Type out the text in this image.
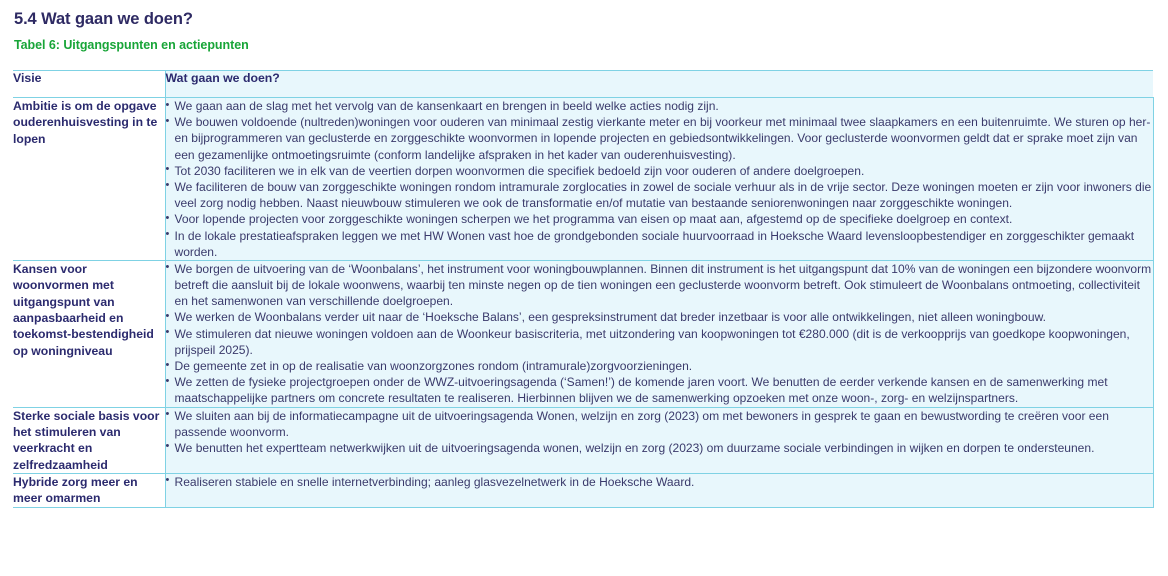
5.4 Wat gaan we doen?
Tabel 6: Uitgangspunten en actiepunten
Visie	Wat gaan we doen?
Ambitie is om de opgave ouderenhuisvesting in te lopen	
• We gaan aan de slag met het vervolg van de kansenkaart en brengen in beeld welke acties nodig zijn.
• We bouwen voldoende (nultreden)woningen voor ouderen van minimaal zestig vierkante meter en bij voorkeur met minimaal twee slaapkamers en een buitenruimte. We sturen op her- en bijprogrammeren van geclusterde en zorggeschikte woonvormen in lopende projecten en gebiedsontwikkelingen. Voor geclusterde woonvormen geldt dat er sprake moet zijn van een gezamenlijke ontmoetingsruimte (conform landelijke afspraken in het kader van ouderenhuisvesting).
• Tot 2030 faciliteren we in elk van de veertien dorpen woonvormen die specifiek bedoeld zijn voor ouderen of andere doelgroepen.
• We faciliteren de bouw van zorggeschikte woningen rondom intramurale zorglocaties in zowel de sociale verhuur als in de vrije sector. Deze woningen moeten er zijn voor inwoners die veel zorg nodig hebben. Naast nieuwbouw stimuleren we ook de transformatie en/of mutatie van bestaande seniorenwoningen naar zorggeschikte woningen.
• Voor lopende projecten voor zorggeschikte woningen scherpen we het programma van eisen op maat aan, afgestemd op de specifieke doelgroep en context.
• In de lokale prestatieafspraken leggen we met HW Wonen vast hoe de grondgebonden sociale huurvoorraad in Hoeksche Waard levensloopbestendiger en zorggeschikter gemaakt worden.

Kansen voor woonvormen met uitgangspunt van aanpasbaarheid en toekomst-bestendigheid op woningniveau	
• We borgen de uitvoering van de ‘Woonbalans’, het instrument voor woningbouwplannen. Binnen dit instrument is het uitgangspunt dat 10% van de woningen een bijzondere woonvorm betreft die aansluit bij de lokale woonwens, waarbij ten minste negen op de tien woningen een geclusterde woonvorm betreft. Ook stimuleert de Woonbalans ontmoeting, collectiviteit en het samenwonen van verschillende doelgroepen.
• We werken de Woonbalans verder uit naar de ‘Hoeksche Balans’, een gespreksinstrument dat breder inzetbaar is voor alle ontwikkelingen, niet alleen woningbouw.
• We stimuleren dat nieuwe woningen voldoen aan de Woonkeur basiscriteria, met uitzondering van koopwoningen tot €280.000 (dit is de verkoopprijs van goedkope koopwoningen, prijspeil 2025).
• De gemeente zet in op de realisatie van woonzorgzones rondom (intramurale)zorgvoorzieningen.
• We zetten de fysieke projectgroepen onder de WWZ-uitvoeringsagenda (‘Samen!’) de komende jaren voort. We benutten de eerder verkende kansen en de samenwerking met maatschappelijke partners om concrete resultaten te realiseren. Hierbinnen blijven we de samenwerking opzoeken met onze woon-, zorg- en welzijnspartners.

Sterke sociale basis voor het stimuleren van veerkracht en zelfredzaamheid	
• We sluiten aan bij de informatiecampagne uit de uitvoeringsagenda Wonen, welzijn en zorg (2023) om met bewoners in gesprek te gaan en bewustwording te creëren voor een passende woonvorm.
• We benutten het expertteam netwerkwijken uit de uitvoeringsagenda wonen, welzijn en zorg (2023) om duurzame sociale verbindingen in wijken en dorpen te ondersteunen.

Hybride zorg meer en meer omarmen	
• Realiseren stabiele en snelle internetverbinding; aanleg glasvezelnetwerk in de Hoeksche Waard.
